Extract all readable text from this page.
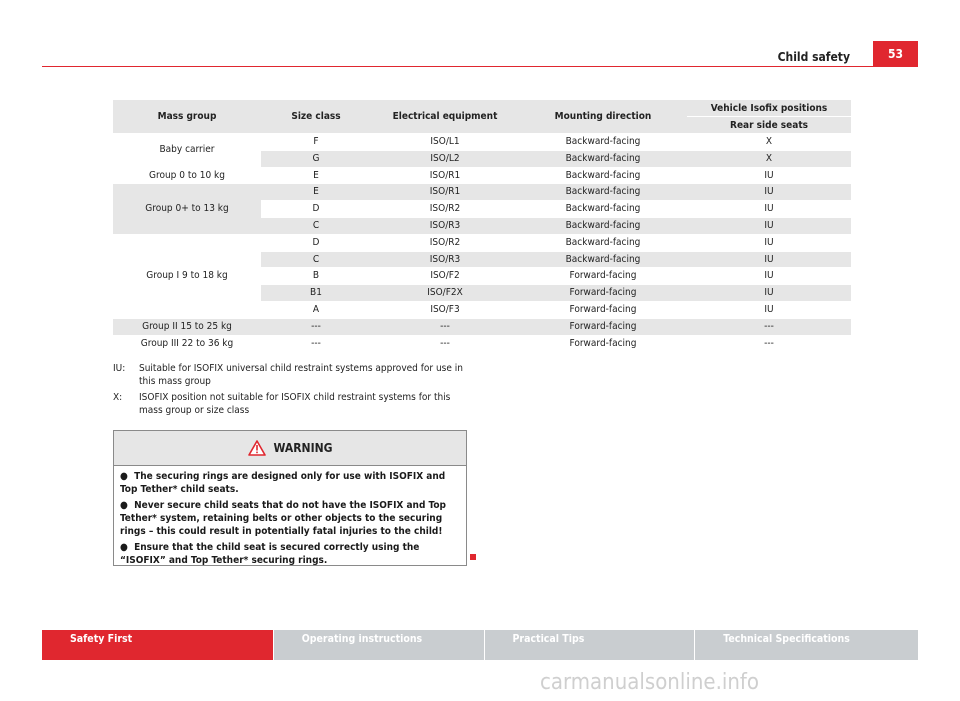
Child safety	53
Mass group	Size class	Electrical equipment	Mounting direction	Vehicle Isofix positions
				Rear side seats
Baby carrier	F	ISO/L1	Backward-facing	X
	G	ISO/L2	Backward-facing	X
Group 0 to 10 kg	E	ISO/R1	Backward-facing	IU
Group 0+ to 13 kg	E	ISO/R1	Backward-facing	IU
	D	ISO/R2	Backward-facing	IU
	C	ISO/R3	Backward-facing	IU
Group I 9 to 18 kg	D	ISO/R2	Backward-facing	IU
	C	ISO/R3	Backward-facing	IU
	B	ISO/F2	Forward-facing	IU
	B1	ISO/F2X	Forward-facing	IU
	A	ISO/F3	Forward-facing	IU
Group II 15 to 25 kg	---	---	Forward-facing	---
Group III 22 to 36 kg	---	---	Forward-facing	---
IU:	Suitable for ISOFIX universal child restraint systems approved for use in this mass group
X:	ISOFIX position not suitable for ISOFIX child restraint systems for this mass group or size class
WARNING
● The securing rings are designed only for use with ISOFIX and Top Tether* child seats.
● Never secure child seats that do not have the ISOFIX and Top Tether* system, retaining belts or other objects to the securing rings – this could result in potentially fatal injuries to the child!
● Ensure that the child seat is secured correctly using the “ISOFIX” and Top Tether* securing rings.
Safety First	Operating instructions	Practical Tips	Technical Specifications
carmanualsonline.info
